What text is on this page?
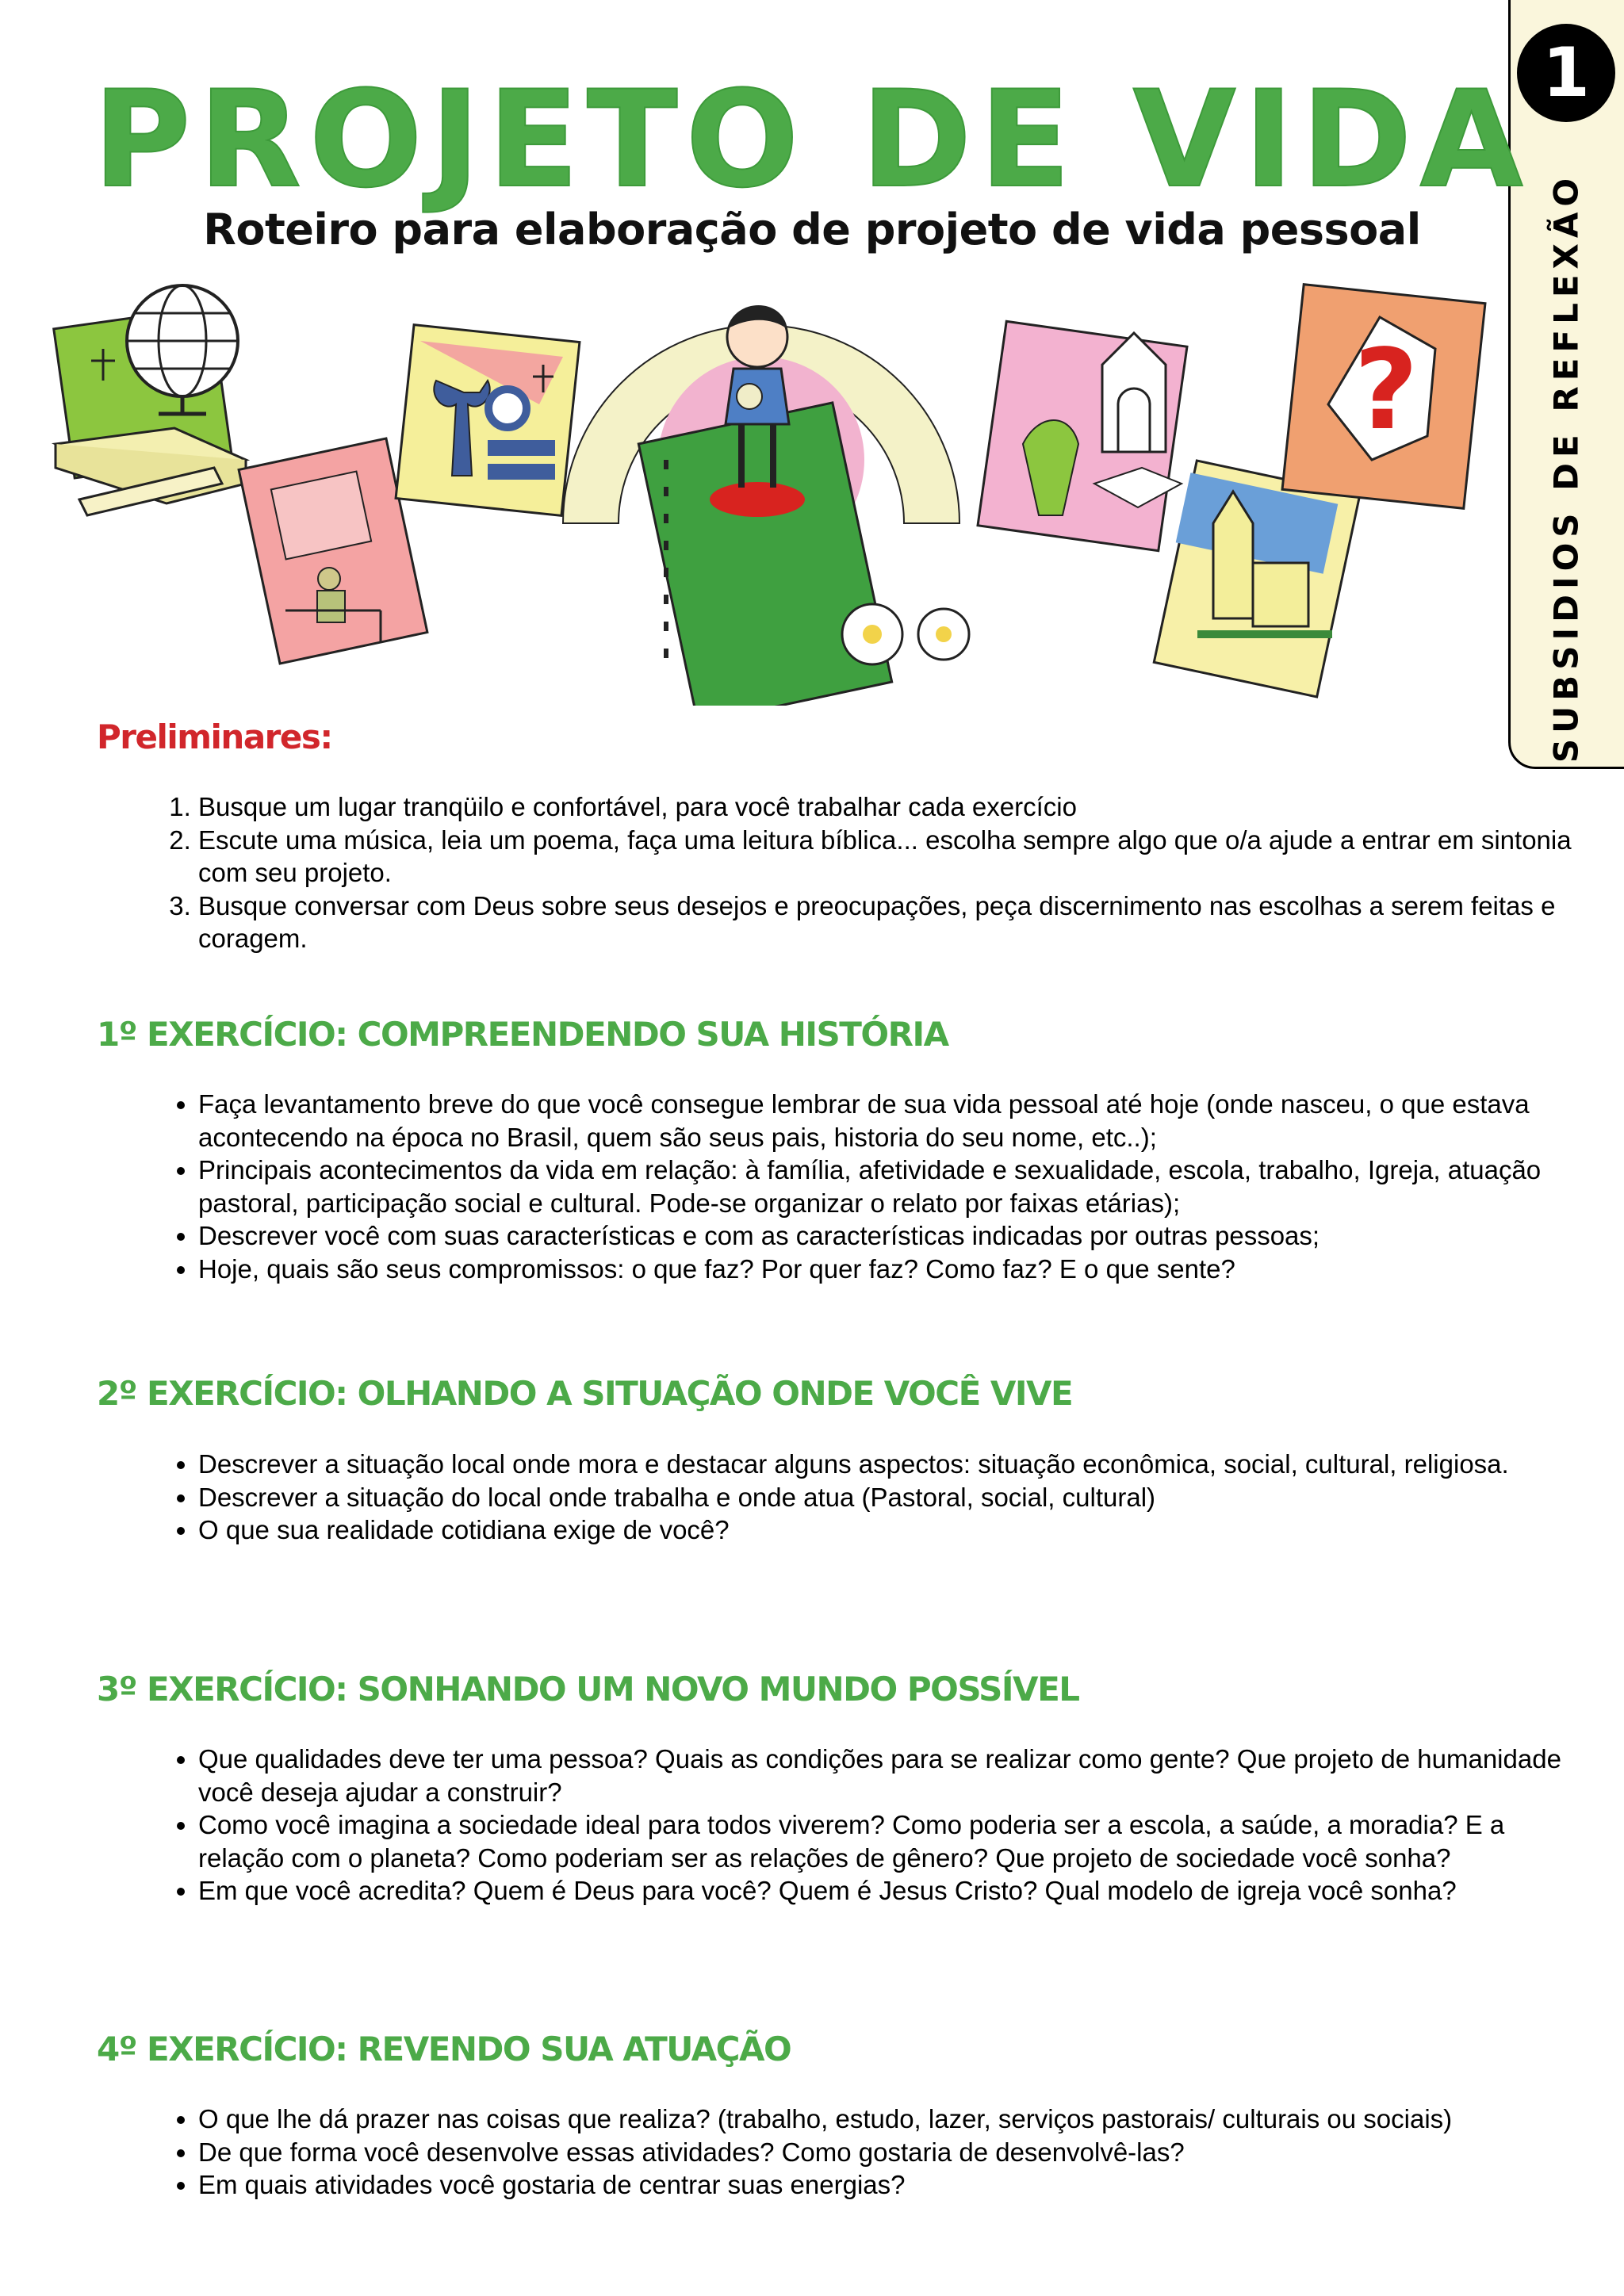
1
SUBSIDIOS DE REFLEXÃO
PROJETO DE VIDA
Roteiro para elaboração de projeto de vida pessoal
?
Preliminares:
1. Busque um lugar tranqüilo e confortável, para você trabalhar cada exercício
2. Escute uma música, leia um poema, faça uma leitura bíblica... escolha sempre algo que o/a ajude a entrar em sintonia com seu projeto.
3. Busque conversar com Deus sobre seus desejos e preocupações, peça discernimento nas escolhas a serem feitas e coragem.
1º EXERCÍCIO: COMPREENDENDO SUA HISTÓRIA
• Faça levantamento breve do que você consegue lembrar de sua vida pessoal até hoje (onde nasceu, o que estava acontecendo na época no Brasil, quem são seus pais, historia do seu nome, etc..);
• Principais acontecimentos da vida em relação: à família, afetividade e sexualidade, escola, trabalho, Igreja, atuação pastoral, participação social e cultural. Pode-se organizar o relato por faixas etárias);
• Descrever você com suas características e com as características indicadas por outras pessoas;
• Hoje, quais são seus compromissos: o que faz? Por quer faz? Como faz? E o que sente?
2º EXERCÍCIO: OLHANDO A SITUAÇÃO ONDE VOCÊ VIVE
• Descrever a situação local onde mora e destacar alguns aspectos: situação econômica, social, cultural, religiosa.
• Descrever a situação do local onde trabalha e onde atua (Pastoral, social, cultural)
• O que sua realidade cotidiana exige de você?
3º EXERCÍCIO: SONHANDO UM NOVO MUNDO POSSÍVEL
• Que qualidades deve ter uma pessoa? Quais as condições para se realizar como gente? Que projeto de humanidade você deseja ajudar a construir?
• Como você imagina a sociedade ideal para todos viverem? Como poderia ser a escola, a saúde, a moradia? E a relação com o planeta? Como poderiam ser as relações de gênero? Que projeto de sociedade você sonha?
• Em que você acredita? Quem é Deus para você? Quem é Jesus Cristo? Qual modelo de igreja você sonha?
4º EXERCÍCIO: REVENDO SUA ATUAÇÃO
• O que lhe dá prazer nas coisas que realiza? (trabalho, estudo, lazer, serviços pastorais/ culturais ou sociais)
• De que forma você desenvolve essas atividades? Como gostaria de desenvolvê-las?
• Em quais atividades você gostaria de centrar suas energias?
